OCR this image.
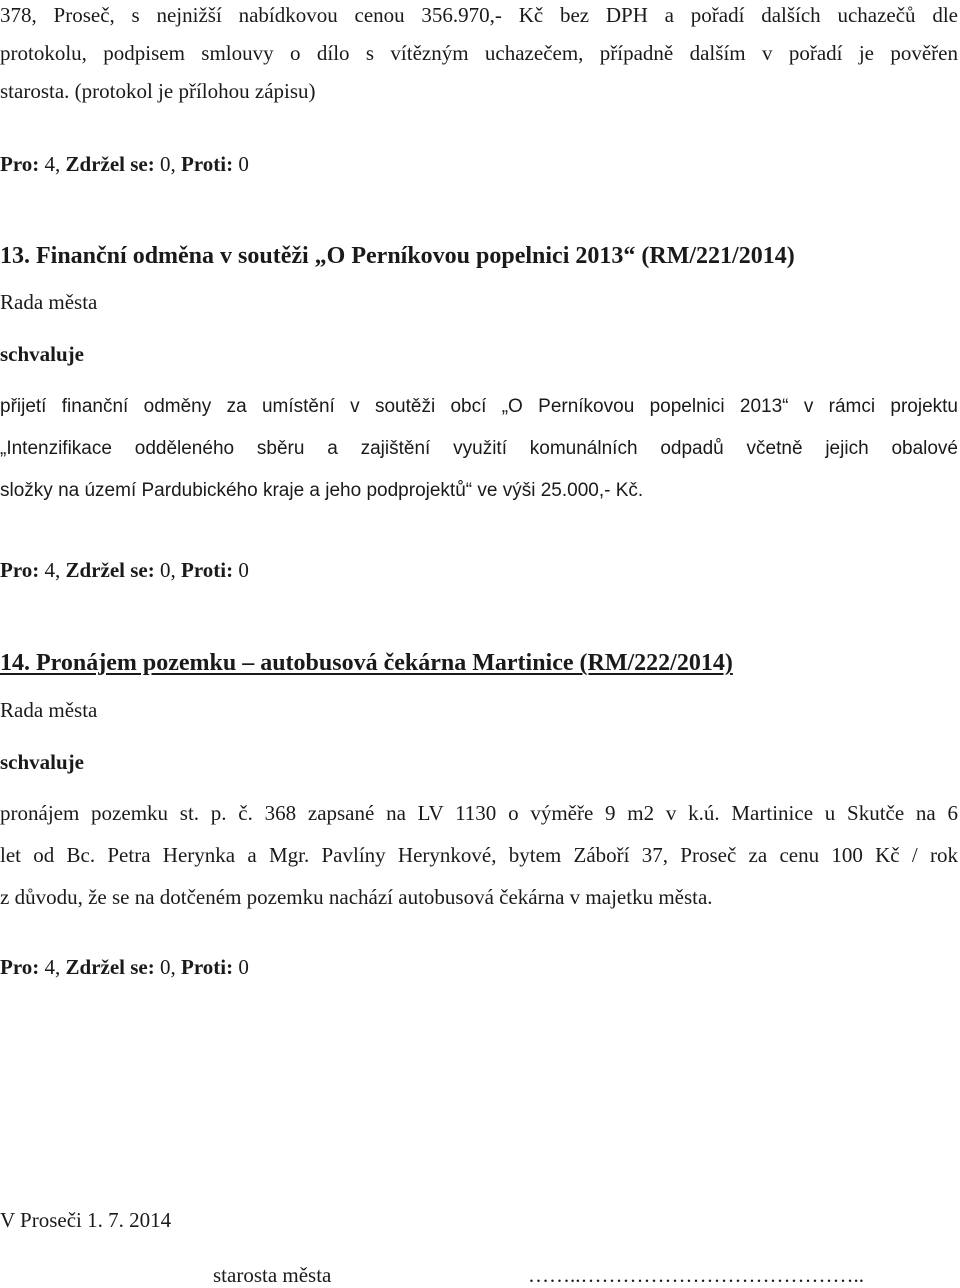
378, Proseč, s nejnižší nabídkovou cenou 356.970,- Kč bez DPH a pořadí dalších uchazečů dle
protokolu, podpisem smlouvy o dílo s vítězným uchazečem, případně dalším v pořadí je pověřen
starosta. (protokol je přílohou zápisu)
Pro: 4, Zdržel se: 0, Proti: 0
13. Finanční odměna v soutěži „O Perníkovou popelnici 2013“ (RM/221/2014)
Rada města
schvaluje
přijetí finanční odměny za umístění v soutěži obcí „O Perníkovou popelnici 2013“ v rámci projektu
„Intenzifikace odděleného sběru a zajištění využití komunálních odpadů včetně jejich obalové
složky na území Pardubického kraje a jeho podprojektů“ ve výši 25.000,- Kč.
Pro: 4, Zdržel se: 0, Proti: 0
14. Pronájem pozemku – autobusová čekárna Martinice (RM/222/2014)
Rada města
schvaluje
pronájem pozemku st. p. č. 368 zapsané na LV 1130 o výměře 9 m2 v k.ú. Martinice u Skutče na 6
let od Bc. Petra Herynka a Mgr. Pavlíny Herynkové, bytem Záboří 37, Proseč za cenu 100 Kč / rok
z důvodu, že se na dotčeném pozemku nachází autobusová čekárna v majetku města.
Pro: 4, Zdržel se: 0, Proti: 0
V Proseči 1. 7. 2014
starosta města	……..…………………………………..
